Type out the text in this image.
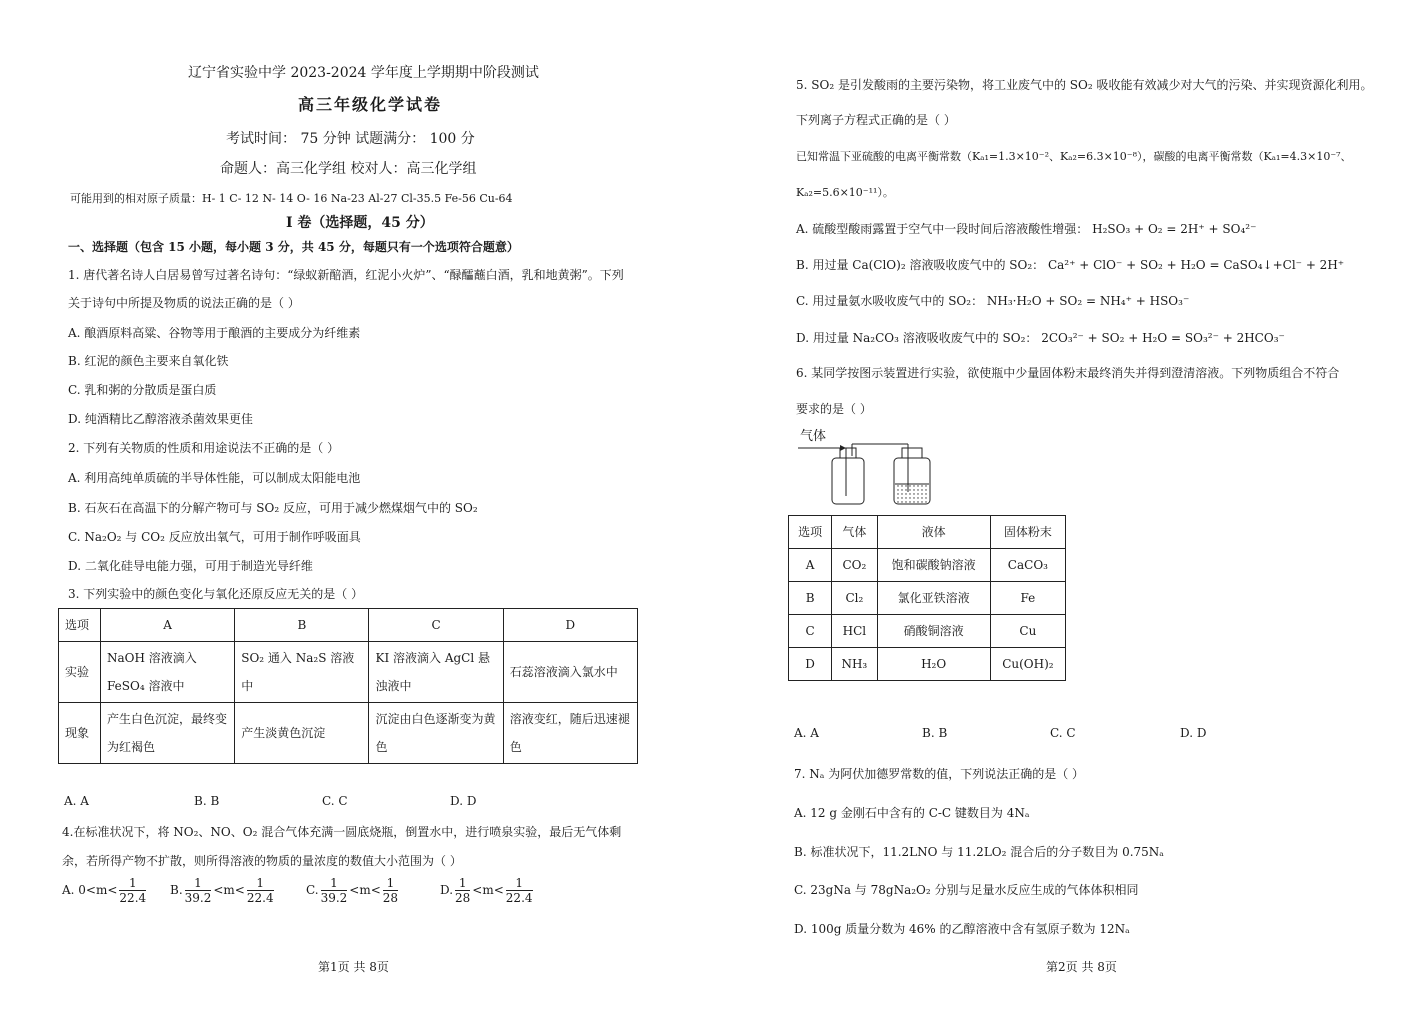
辽宁省实验中学 2023-2024 学年度上学期期中阶段测试
高三年级化学试卷
考试时间： 75 分钟 试题满分： 100 分
命题人：高三化学组 校对人：高三化学组
可能用到的相对原子质量：H- 1 C- 12 N- 14 O- 16 Na-23 Al-27 Cl-35.5 Fe-56 Cu-64
I 卷（选择题，45 分）
一、选择题（包含 15 小题，每小题 3 分，共 45 分，每题只有一个选项符合题意）
1. 唐代著名诗人白居易曾写过著名诗句：“绿蚁新醅酒，红泥小火炉”、“醁醽蘸白酒，乳和地黄粥”。下列
关于诗句中所提及物质的说法正确的是（ ）
A. 酿酒原料高粱、谷物等用于酿酒的主要成分为纤维素
B. 红泥的颜色主要来自氧化铁
C. 乳和粥的分散质是蛋白质
D. 纯酒精比乙醇溶液杀菌效果更佳
2. 下列有关物质的性质和用途说法不正确的是（ ）
A. 利用高纯单质硫的半导体性能，可以制成太阳能电池
B. 石灰石在高温下的分解产物可与 SO₂ 反应，可用于减少燃煤烟气中的 SO₂
C. Na₂O₂ 与 CO₂ 反应放出氧气，可用于制作呼吸面具
D. 二氧化硅导电能力强，可用于制造光导纤维
3. 下列实验中的颜色变化与氧化还原反应无关的是（ ）
选项	A	B	C	D
实验	NaOH 溶液滴入 FeSO₄ 溶液中	SO₂ 通入 Na₂S 溶液中	KI 溶液滴入 AgCl 悬浊液中	石蕊溶液滴入氯水中
现象	产生白色沉淀，最终变为红褐色	产生淡黄色沉淀	沉淀由白色逐渐变为黄色	溶液变红，随后迅速褪色
A. A	B. B	C. C	D. D
4.在标准状况下，将 NO₂、NO、O₂ 混合气体充满一圆底烧瓶，倒置水中，进行喷泉实验，最后无气体剩
余，若所得产物不扩散，则所得溶液的物质的量浓度的数值大小范围为（ ）
A. $0<m< \frac{1}{22.4} B$. $\frac{1}{39.2} <m< \frac{1}{22.4}$	C. $\frac{1}{39.2} <m< \frac{1}{28}$	D. $\frac{1}{28} <m< \frac{1}{22.4}$
第1页 共 8页
5. SO₂ 是引发酸雨的主要污染物，将工业废气中的 SO₂ 吸收能有效减少对大气的污染、并实现资源化利用。
下列离子方程式正确的是（ ）
已知常温下亚硫酸的电离平衡常数（Kₐ₁=1.3×10⁻²、Kₐ₂=6.3×10⁻⁸），碳酸的电离平衡常数（Kₐ₁=4.3×10⁻⁷、
Kₐ₂=5.6×10⁻¹¹）。
A. 硫酸型酸雨露置于空气中一段时间后溶液酸性增强： H₂SO₃ + O₂ = 2H⁺ + SO₄²⁻
B. 用过量 Ca(ClO)₂ 溶液吸收废气中的 SO₂： Ca²⁺ + ClO⁻ + SO₂ + H₂O = CaSO₄↓+Cl⁻ + 2H⁺
C. 用过量氨水吸收废气中的 SO₂： NH₃·H₂O + SO₂ = NH₄⁺ + HSO₃⁻
D. 用过量 Na₂CO₃ 溶液吸收废气中的 SO₂： 2CO₃²⁻ + SO₂ + H₂O = SO₃²⁻ + 2HCO₃⁻
6. 某同学按图示装置进行实验，欲使瓶中少量固体粉末最终消失并得到澄清溶液。下列物质组合不符合
要求的是（ ）
气体
选项	气体	液体	固体粉末
A	CO₂	饱和碳酸钠溶液	CaCO₃
B	Cl₂	氯化亚铁溶液	Fe
C	HCl	硝酸铜溶液	Cu
D	NH₃	H₂O	Cu(OH)₂
A. A	B. B	C. C	D. D
7. Nₐ 为阿伏加德罗常数的值，下列说法正确的是（ ）
A. 12 g 金刚石中含有的 C-C 键数目为 4Nₐ
B. 标准状况下，11.2LNO 与 11.2LO₂ 混合后的分子数目为 0.75Nₐ
C. 23gNa 与 78gNa₂O₂ 分别与足量水反应生成的气体体积相同
D. 100g 质量分数为 46% 的乙醇溶液中含有氢原子数为 12Nₐ
第2页 共 8页
